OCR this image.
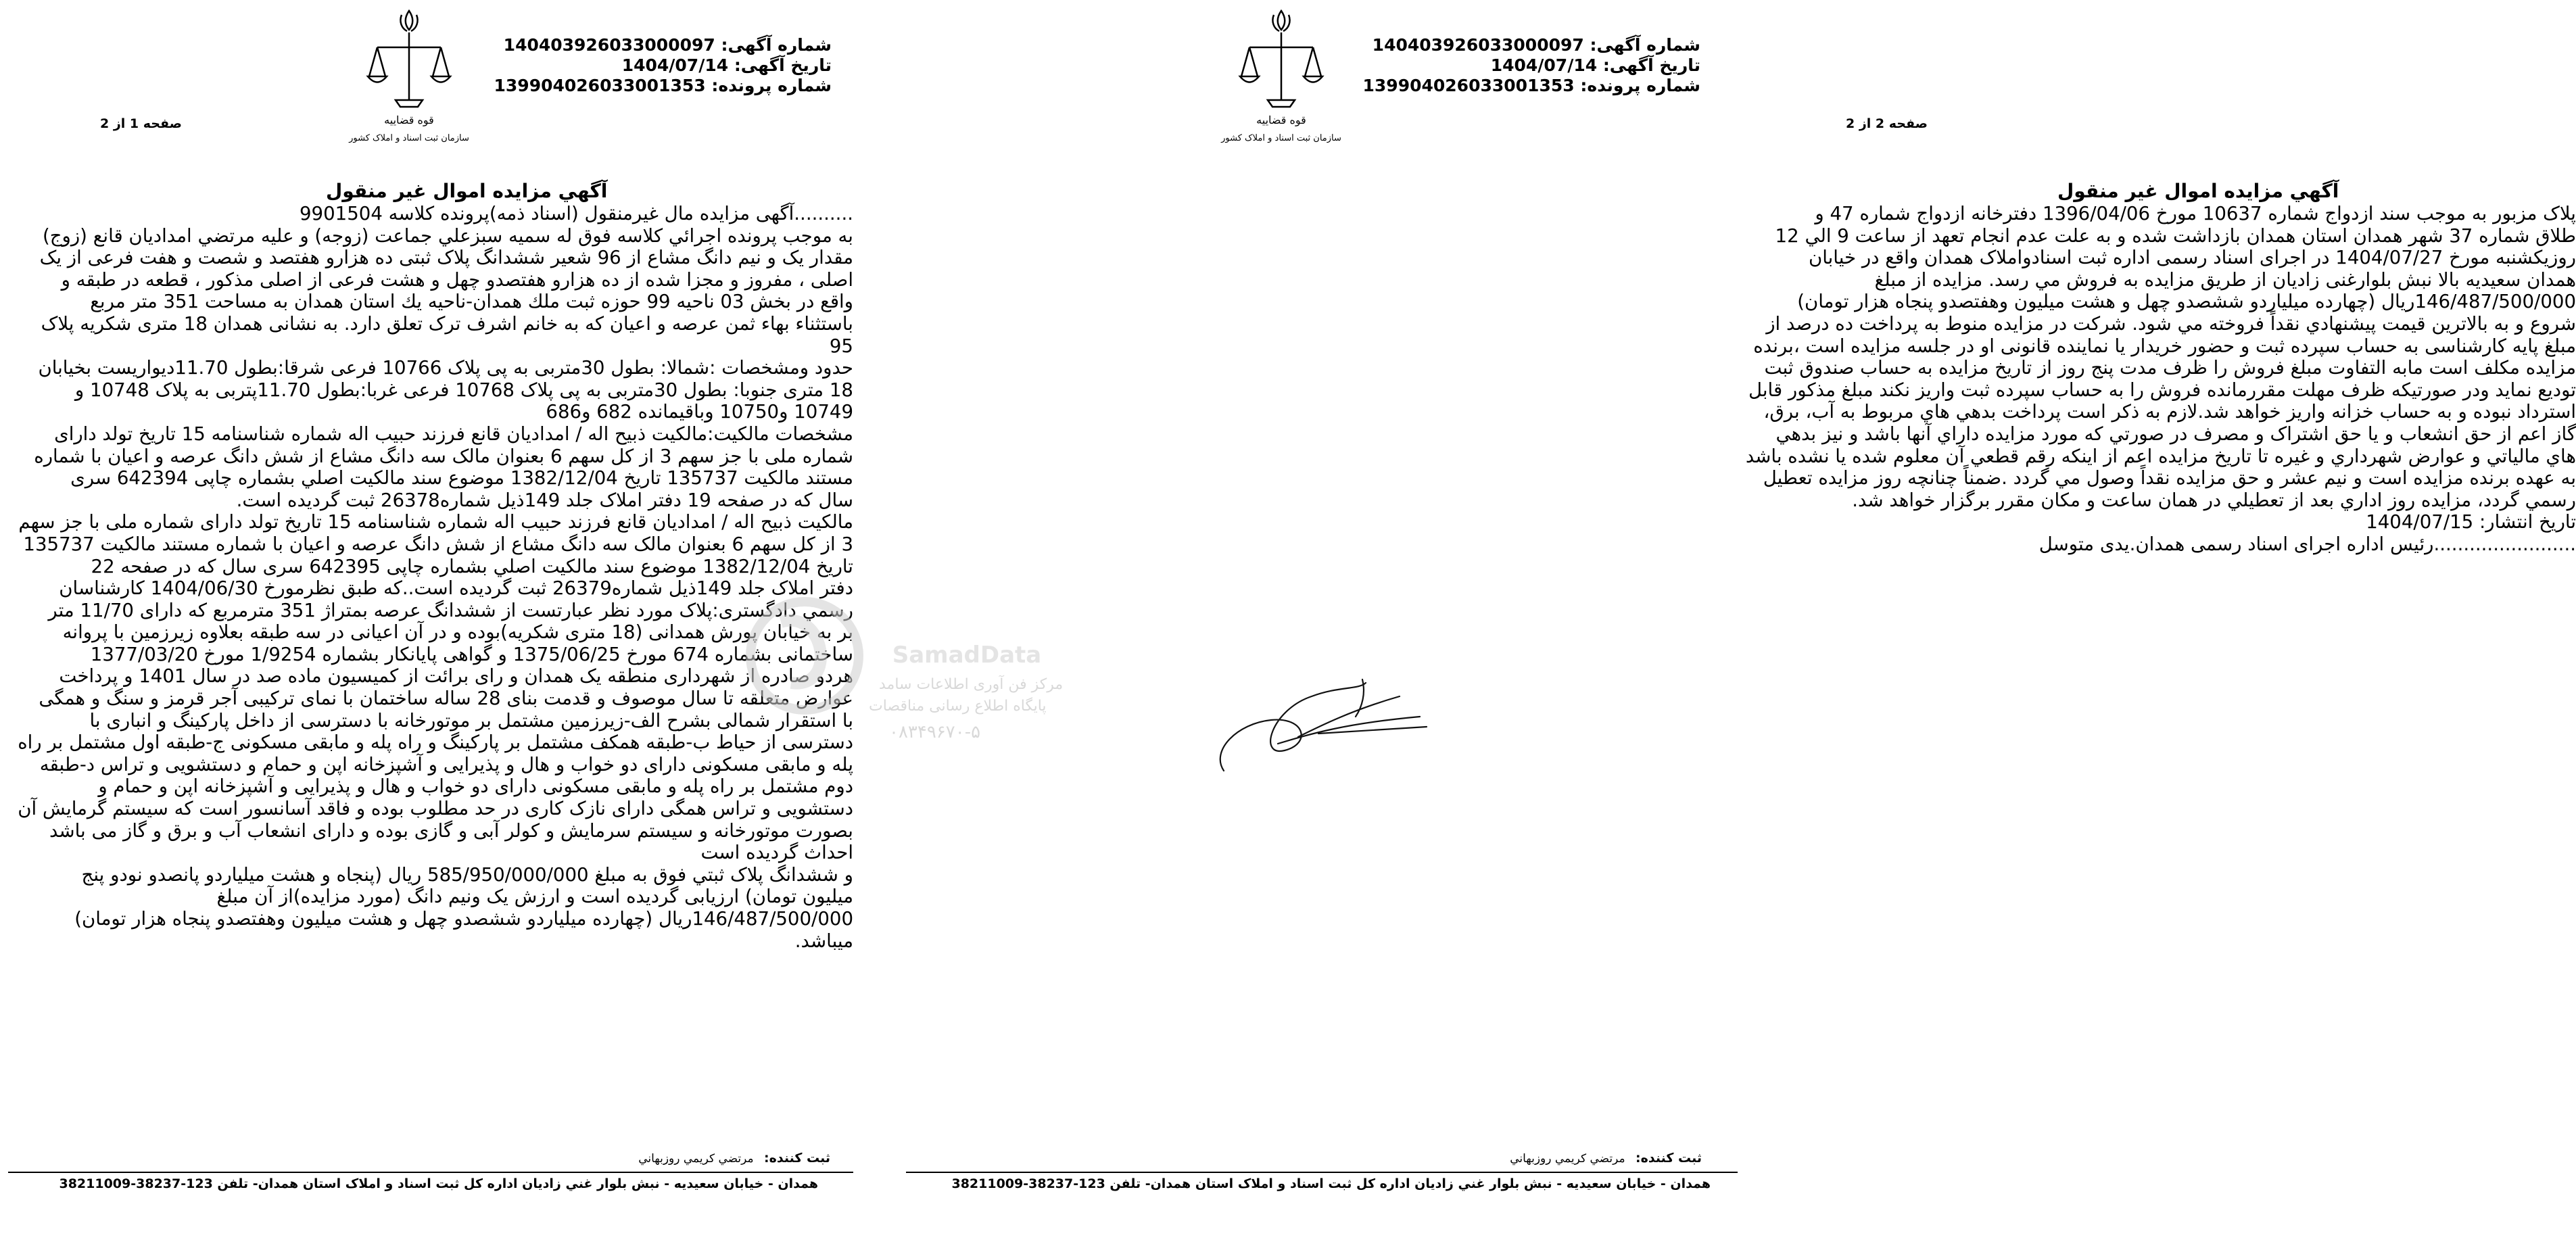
شماره آگهی: 140403926033000097
تاریخ آگهی: 1404/07/14
شماره پرونده: 139904026033001353
قوه قضاییه
سازمان ثبت اسناد و املاک کشور
صفحه 1 از 2
آگهي مزايده اموال غير منقول

..........آگهی مزایده مال غیرمنقول (اسناد ذمه)پرونده کلاسه 9901504

به موجب پرونده اجرائي کلاسه فوق له سمیه سبزعلي جماعت (زوجه) و علیه مرتضي امدادیان قانع (زوج)

مقدار یک و نیم دانگ مشاع از 96 شعیر ششدانگ پلاک ثبتی ده هزارو هفتصد و شصت و هفت فرعی از یک

اصلی ، مفروز و مجزا شده از ده هزارو هفتصدو چهل و هشت فرعی از اصلی مذکور ، قطعه در طبقه و

واقع در بخش 03 ناحیه 99 حوزه ثبت ملك همدان-ناحيه يك استان همدان به مساحت 351 متر مربع

باستثناء بهاء ثمن عرصه و اعیان که به خانم اشرف ترک تعلق دارد. به نشانی همدان 18 متری شکریه پلاک

95

حدود ومشخصات :شمالا: بطول 30متربی به پی پلاک 10766 فرعی شرقا:بطول 11.70دیواریست بخیابان

18 متری جنوبا: بطول 30متربی به پی پلاک 10768 فرعی غربا:بطول 11.70پتربی به پلاک 10748 و

10749 و10750 وباقیمانده 682 و686

مشخصات مالکیت:مالکیت ذبیح اله / امدادیان قانع فرزند حبیب اله شماره شناسنامه 15 تاریخ تولد دارای

شماره ملی با جز سهم 3 از کل سهم 6 بعنوان مالک سه دانگ مشاع از شش دانگ عرصه و اعیان با شماره

مستند مالکیت 135737 تاریخ 1382/12/04 موضوع سند مالکيت اصلي بشماره چاپی 642394 سری

سال که در صفحه 19 دفتر املاک جلد 149ذیل شماره26378 ثبت گردیده است.

مالکیت ذبیح اله / امدادیان قانع فرزند حبیب اله شماره شناسنامه 15 تاریخ تولد دارای شماره ملی با جز سهم

3 از کل سهم 6 بعنوان مالک سه دانگ مشاع از شش دانگ عرصه و اعیان با شماره مستند مالکیت 135737

تاریخ 1382/12/04 موضوع سند مالکيت اصلي بشماره چاپی 642395 سری سال که در صفحه 22

دفتر املاک جلد 149ذیل شماره26379 ثبت گردیده است..که طبق نظرمورخ 1404/06/30 کارشناسان

رسمي دادگستری:پلاک مورد نظر عبارتست از ششدانگ عرصه بمتراژ 351 مترمربع که دارای 11/70 متر

بر به خیابان پورش همدانی (18 متری شکریه)بوده و در آن اعیانی در سه طبقه بعلاوه زیرزمین با پروانه

ساختمانی بشماره 674 مورخ 1375/06/25 و گواهی پایانکار بشماره 1/9254 مورخ 1377/03/20

هردو صادره از شهرداری منطقه یک همدان و رای برائت از کمیسیون ماده صد در سال 1401 و پرداخت

عوارض متعلقه تا سال موصوف و قدمت بنای 28 ساله ساختمان با نمای ترکیبی آجر قرمز و سنگ و همگی

با استقرار شمالی بشرح الف-زیرزمین مشتمل بر موتورخانه با دسترسی از داخل پارکینگ و انباری با

دسترسی از حیاط ب-طبقه همکف مشتمل بر پارکینگ و راه پله و مابقی مسکونی ج-طبقه اول مشتمل بر راه

پله و مابقی مسکونی دارای دو خواب و هال و پذیرایی و آشپزخانه اپن و حمام و دستشویی و تراس د-طبقه

دوم مشتمل بر راه پله و مابقی مسکونی دارای دو خواب و هال و پذیرایی و آشپزخانه اپن و حمام و

دستشویی و تراس همگی دارای نازک کاری در حد مطلوب بوده و فاقد آسانسور است که سیستم گرمایش آن

بصورت موتورخانه و سیستم سرمایش و کولر آبی و گازی بوده و دارای انشعاب آب و برق و گاز می باشد

احداث گردیده است

و ششدانگ پلاک ثبتي فوق به مبلغ 585/950/000/000 ریال (پنجاه و هشت میلیاردو پانصدو نودو پنج

میلیون تومان) ارزیابی گردیده است و ارزش یک ونیم دانگ (مورد مزایده)از آن مبلغ

146/487/500/000ریال (چهارده میلیاردو ششصدو چهل و هشت میلیون وهفتصدو پنجاه هزار تومان)

میباشد.

ثبت کننده: مرتضي كريمي روزبهاني
همدان - خيابان سعيديه - نبش بلوار غني زاديان اداره کل ثبت اسناد و املاک استان همدان- تلفن 123-38237-38211009
شماره آگهی: 140403926033000097
تاریخ آگهی: 1404/07/14
شماره پرونده: 139904026033001353
صفحه 2 از 2
آگهي مزايده اموال غير منقول

پلاک مزبور به موجب سند ازدواج شماره 10637 مورخ 1396/04/06 دفترخانه ازدواج شماره 47 و

طلاق شماره 37 شهر همدان استان همدان بازداشت شده و به علت عدم انجام تعهد از ساعت 9 الي 12

روزیکشنبه مورخ 1404/07/27 در اجرای اسناد رسمی اداره ثبت اسنادواملاک همدان واقع در خیابان

همدان سعیدیه بالا نبش بلوارغنی زادیان از طریق مزایده به فروش مي رسد. مزایده از مبلغ

146/487/500/000ریال (چهارده میلیاردو ششصدو چهل و هشت میلیون وهفتصدو پنجاه هزار تومان)

شروع و به بالاترين قيمت پيشنهادي نقداً فروخته مي شود. شرکت در مزايده منوط به پرداخت ده درصد از

مبلغ پایه کارشناسی به حساب سپرده ثبت و حضور خریدار یا نماینده قانونی او در جلسه مزایده است ،برنده

مزایده مکلف است مابه التفاوت مبلغ فروش را ظرف مدت پنج روز از تاریخ مزایده به حساب صندوق ثبت

تودیع نماید ودر صورتیکه ظرف مهلت مقررمانده فروش را به حساب سپرده ثبت واریز نکند مبلغ مذکور قابل

استرداد نبوده و به حساب خزانه واریز خواهد شد.لازم به ذکر است پرداخت بدهي هاي مربوط به آب، برق،

گاز اعم از حق انشعاب و يا حق اشتراک و مصرف در صورتي که مورد مزايده داراي آنها باشد و نيز بدهي

هاي مالياتي و عوارض شهرداري و غيره تا تاريخ مزايده اعم از اينکه رقم قطعي آن معلوم شده يا نشده باشد

به عهده برنده مزايده است و نیم عشر و حق مزایده نقداً وصول مي گردد .ضمناً چنانچه روز مزايده تعطيل

رسمي گردد، مزايده روز اداري بعد از تعطيلي در همان ساعت و مكان مقرر برگزار خواهد شد.

تاریخ انتشار: 1404/07/15

........................رئیس اداره اجرای اسناد رسمی همدان.یدی متوسل

ثبت کننده: مرتضي كريمي روزبهاني
همدان - خيابان سعيديه - نبش بلوار غني زاديان اداره کل ثبت اسناد و املاک استان همدان- تلفن 123-38237-38211009
قوه قضاییه
سازمان ثبت اسناد و املاک کشور
SamadData
مرکز فن آوری اطلاعات سامد
پایگاه اطلاع رسانی مناقصات
۰۸۳۴۹۶۷۰-۵
